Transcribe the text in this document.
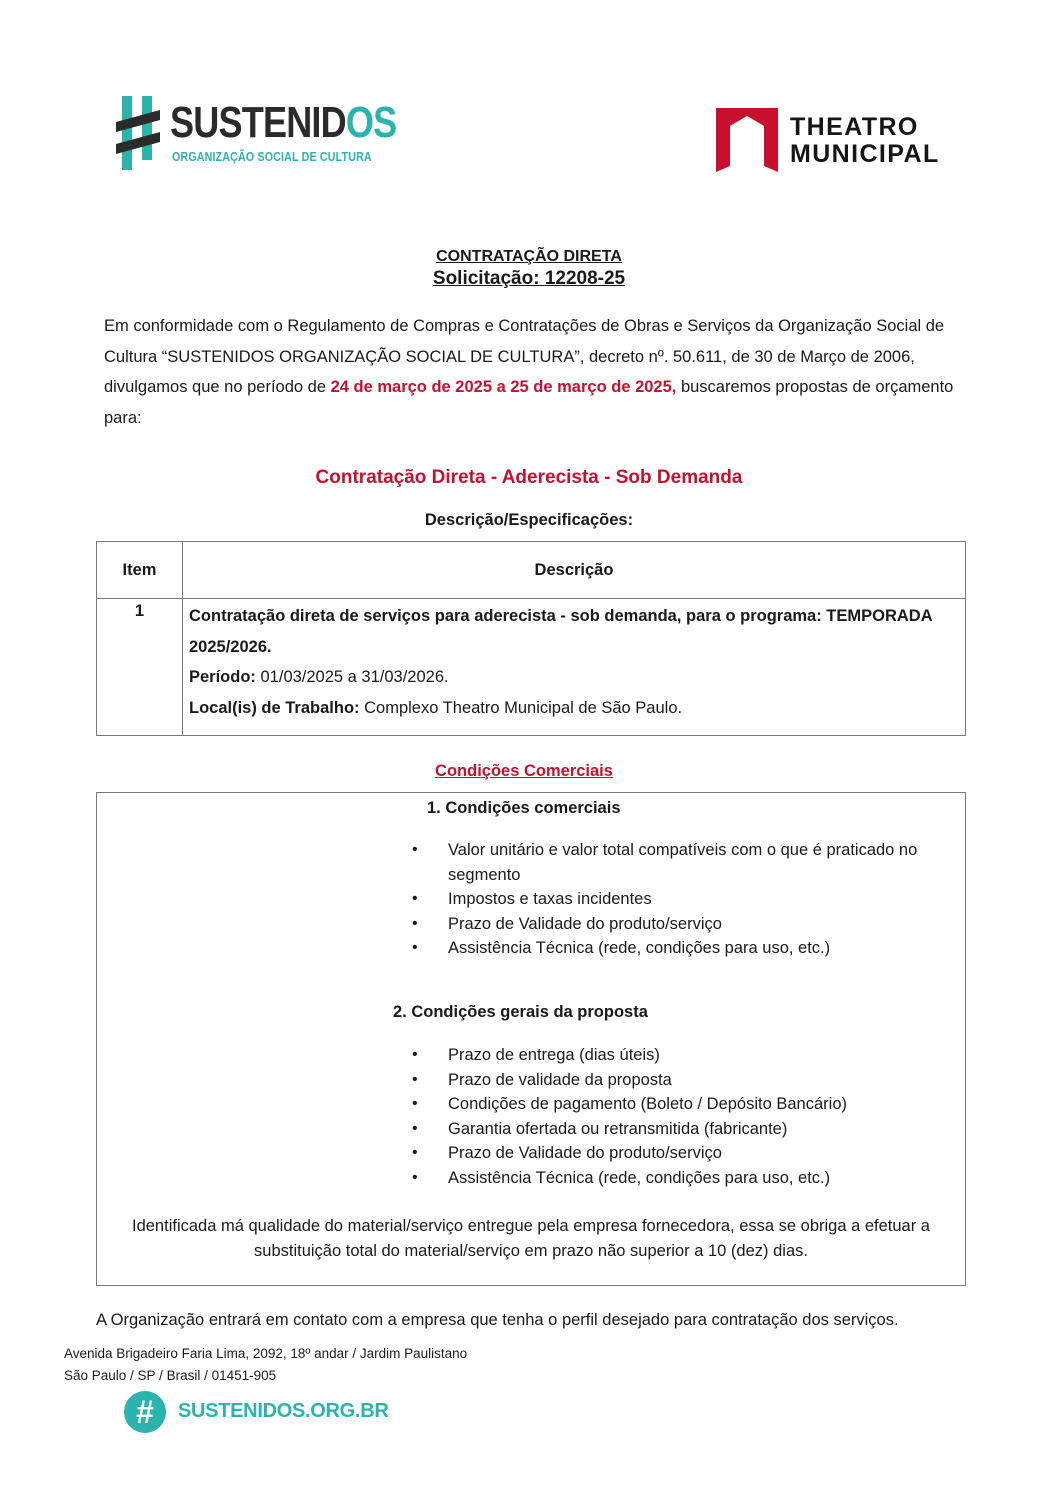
SUSTENIDOS
ORGANIZAÇÃO SOCIAL DE CULTURA
THEATRO
MUNICIPAL
CONTRATAÇÃO DIRETA
Solicitação: 12208-25

Em conformidade com o Regulamento de Compras e Contratações de Obras e Serviços da Organização Social de Cultura “SUSTENIDOS ORGANIZAÇÃO SOCIAL DE CULTURA”, decreto nº. 50.611, de 30 de Março de 2006, divulgamos que no período de 24 de março de 2025 a 25 de março de 2025, buscaremos propostas de orçamento para:

Contratação Direta - Aderecista - Sob Demanda
Descrição/Especificações:
Item	Descrição
1	Contratação direta de serviços para aderecista - sob demanda, para o programa: TEMPORADA 2025/2026.
Período: 01/03/2025 a 31/03/2026.
Local(is) de Trabalho: Complexo Theatro Municipal de São Paulo.
Condições Comerciais
1. Condições comerciais
• Valor unitário e valor total compatíveis com o que é praticado no segmento
• Impostos e taxas incidentes
• Prazo de Validade do produto/serviço
• Assistência Técnica (rede, condições para uso, etc.)
2. Condições gerais da proposta
• Prazo de entrega (dias úteis)
• Prazo de validade da proposta
• Condições de pagamento (Boleto / Depósito Bancário)
• Garantia ofertada ou retransmitida (fabricante)
• Prazo de Validade do produto/serviço
• Assistência Técnica (rede, condições para uso, etc.)

Identificada má qualidade do material/serviço entregue pela empresa fornecedora, essa se obriga a efetuar a substituição total do material/serviço em prazo não superior a 10 (dez) dias.

A Organização entrará em contato com a empresa que tenha o perfil desejado para contratação dos serviços.

Avenida Brigadeiro Faria Lima, 2092, 18º andar / Jardim Paulistano
São Paulo / SP / Brasil / 01451-905
#	SUSTENIDOS.ORG.BR
